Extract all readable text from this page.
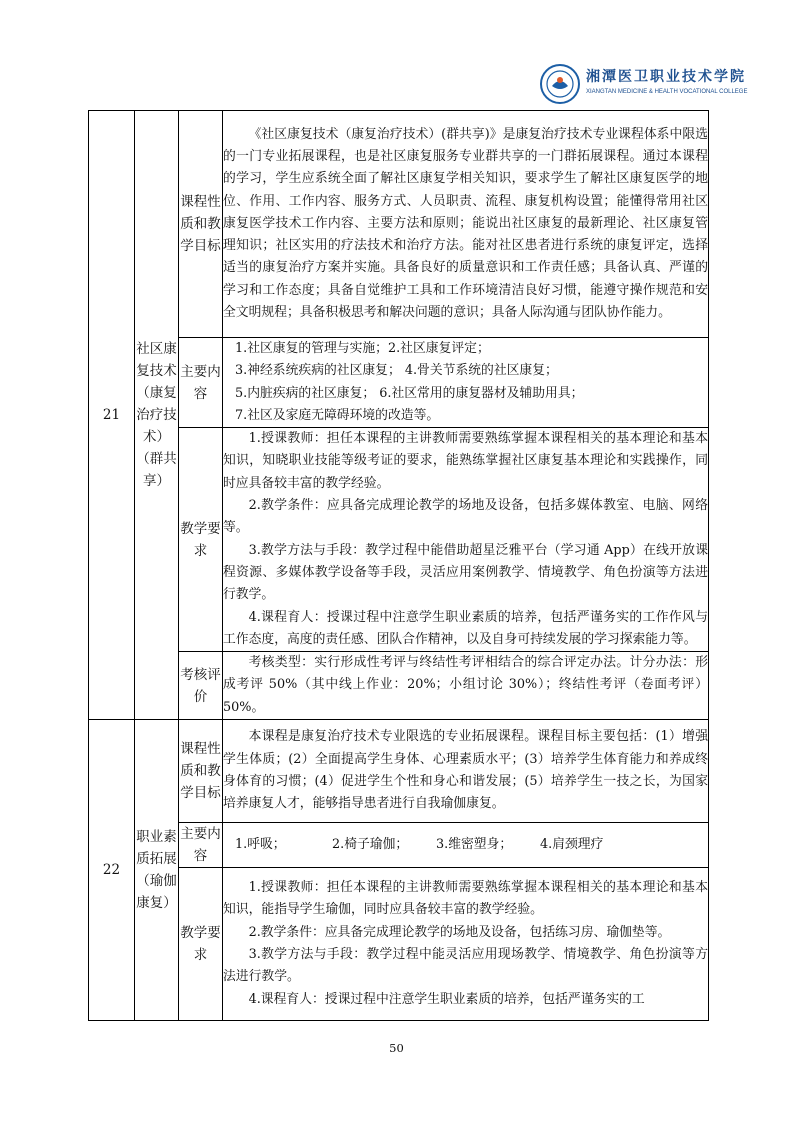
湘潭医卫职业技术学院
XIANGTAN MEDICINE & HEALTH VOCATIONAL COLLEGE
21	社区康复技术（康复治疗技术）（群共享）	课程性质和教学目标	《社区康复技术（康复治疗技术）(群共享)》是康复治疗技术专业课程体系中限选的一门专业拓展课程，也是社区康复服务专业群共享的一门群拓展课程。通过本课程的学习，学生应系统全面了解社区康复学相关知识，要求学生了解社区康复医学的地位、作用、工作内容、服务方式、人员职责、流程、康复机构设置；能懂得常用社区康复医学技术工作内容、主要方法和原则；能说出社区康复的最新理论、社区康复管理知识；社区实用的疗法技术和治疗方法。能对社区患者进行系统的康复评定，选择适当的康复治疗方案并实施。具备良好的质量意识和工作责任感；具备认真、严谨的学习和工作态度；具备自觉维护工具和工作环境清洁良好习惯，能遵守操作规范和安全文明规程；具备积极思考和解决问题的意识；具备人际沟通与团队协作能力。

		主要内容	1.社区康复的管理与实施；2.社区康复评定；
3.神经系统疾病的社区康复； 4.骨关节系统的社区康复；
5.内脏疾病的社区康复； 6.社区常用的康复器材及辅助用具；
7.社区及家庭无障碍环境的改造等。

		教学要求	1.授课教师：担任本课程的主讲教师需要熟练掌握本课程相关的基本理论和基本知识，知晓职业技能等级考证的要求，能熟练掌握社区康复基本理论和实践操作，同时应具备较丰富的教学经验。
2.教学条件：应具备完成理论教学的场地及设备，包括多媒体教室、电脑、网络等。
3.教学方法与手段：教学过程中能借助超星泛雅平台（学习通 App）在线开放课程资源、多媒体教学设备等手段，灵活应用案例教学、情境教学、角色扮演等方法进行教学。
4.课程育人：授课过程中注意学生职业素质的培养，包括严谨务实的工作作风与工作态度，高度的责任感、团队合作精神，以及自身可持续发展的学习探索能力等。

		考核评价	考核类型：实行形成性考评与终结性考评相结合的综合评定办法。计分办法：形成考评 50%（其中线上作业：20%；小组讨论 30%）；终结性考评（卷面考评）50%。

22	职业素质拓展（瑜伽康复）	课程性质和教学目标	本课程是康复治疗技术专业限选的专业拓展课程。课程目标主要包括：(1）增强学生体质；(2）全面提高学生身体、心理素质水平；(3）培养学生体育能力和养成终身体育的习惯；(4）促进学生个性和身心和谐发展；(5）培养学生一技之长，为国家培养康复人才，能够指导患者进行自我瑜伽康复。

		主要内容	1.呼吸； 2.椅子瑜伽； 3.维密塑身； 4.肩颈理疗

		教学要求	1.授课教师：担任本课程的主讲教师需要熟练掌握本课程相关的基本理论和基本知识，能指导学生瑜伽，同时应具备较丰富的教学经验。
2.教学条件：应具备完成理论教学的场地及设备，包括练习房、瑜伽垫等。
3.教学方法与手段：教学过程中能灵活应用现场教学、情境教学、角色扮演等方法进行教学。
4.课程育人：授课过程中注意学生职业素质的培养，包括严谨务实的工
50
